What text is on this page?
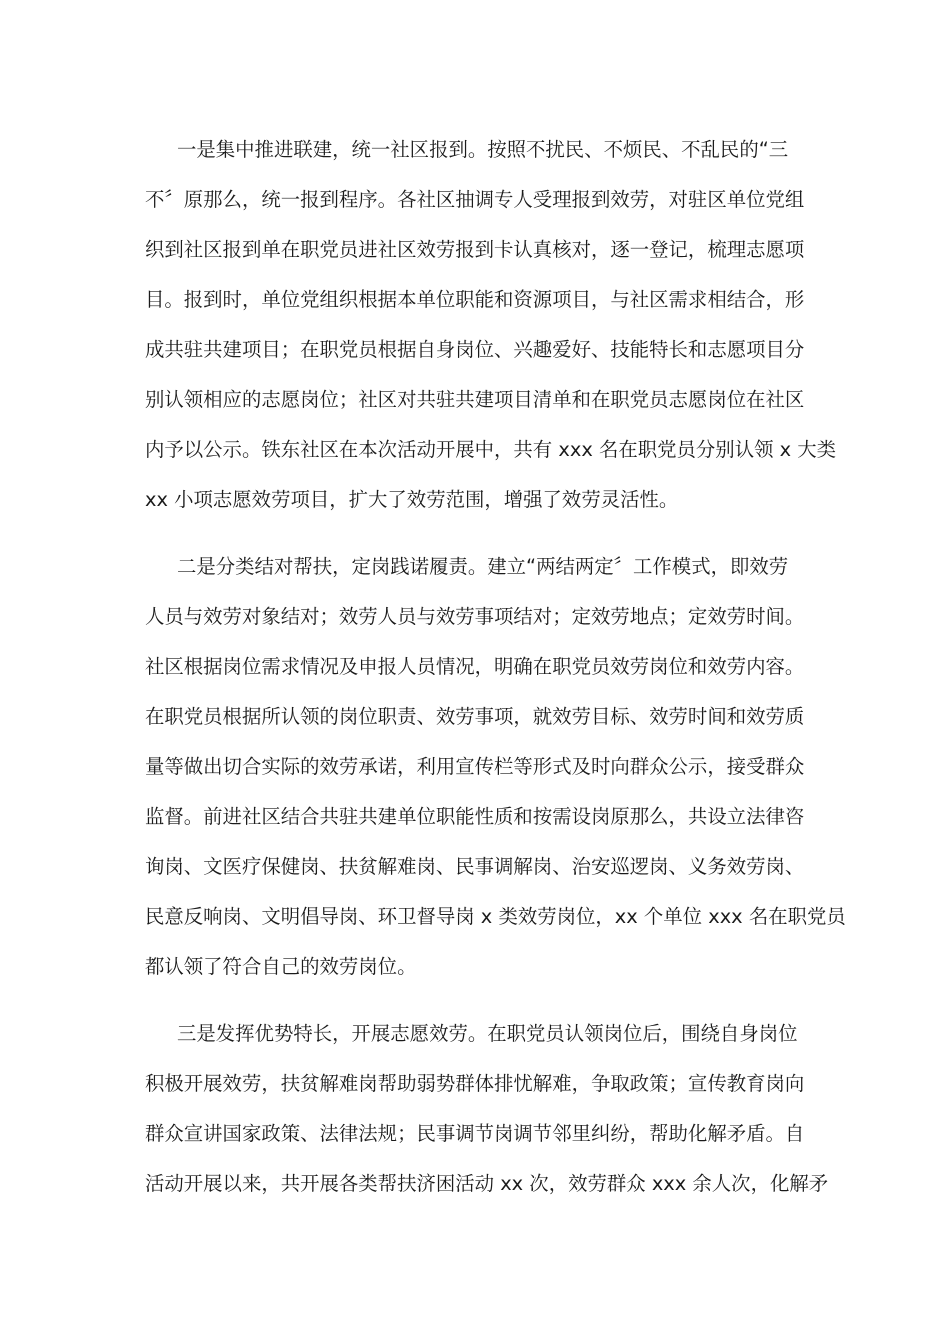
一是集中推进联建，统一社区报到。按照不扰民、不烦民、不乱民的“三
不〞原那么，统一报到程序。各社区抽调专人受理报到效劳，对驻区单位党组
织到社区报到单在职党员进社区效劳报到卡认真核对，逐一登记，梳理志愿项
目。报到时，单位党组织根据本单位职能和资源项目，与社区需求相结合，形
成共驻共建项目；在职党员根据自身岗位、兴趣爱好、技能特长和志愿项目分
别认领相应的志愿岗位；社区对共驻共建项目清单和在职党员志愿岗位在社区
内予以公示。铁东社区在本次活动开展中，共有 xxx 名在职党员分别认领 x 大类
xx 小项志愿效劳项目，扩大了效劳范围，增强了效劳灵活性。
二是分类结对帮扶，定岗践诺履责。建立“两结两定〞工作模式，即效劳
人员与效劳对象结对；效劳人员与效劳事项结对；定效劳地点；定效劳时间。
社区根据岗位需求情况及申报人员情况，明确在职党员效劳岗位和效劳内容。
在职党员根据所认领的岗位职责、效劳事项，就效劳目标、效劳时间和效劳质
量等做出切合实际的效劳承诺，利用宣传栏等形式及时向群众公示，接受群众
监督。前进社区结合共驻共建单位职能性质和按需设岗原那么，共设立法律咨
询岗、文医疗保健岗、扶贫解难岗、民事调解岗、治安巡逻岗、义务效劳岗、
民意反响岗、文明倡导岗、环卫督导岗 x 类效劳岗位，xx 个单位 xxx 名在职党员
都认领了符合自己的效劳岗位。
三是发挥优势特长，开展志愿效劳。在职党员认领岗位后，围绕自身岗位
积极开展效劳，扶贫解难岗帮助弱势群体排忧解难，争取政策；宣传教育岗向
群众宣讲国家政策、法律法规；民事调节岗调节邻里纠纷，帮助化解矛盾。自
活动开展以来，共开展各类帮扶济困活动 xx 次，效劳群众 xxx 余人次，化解矛
